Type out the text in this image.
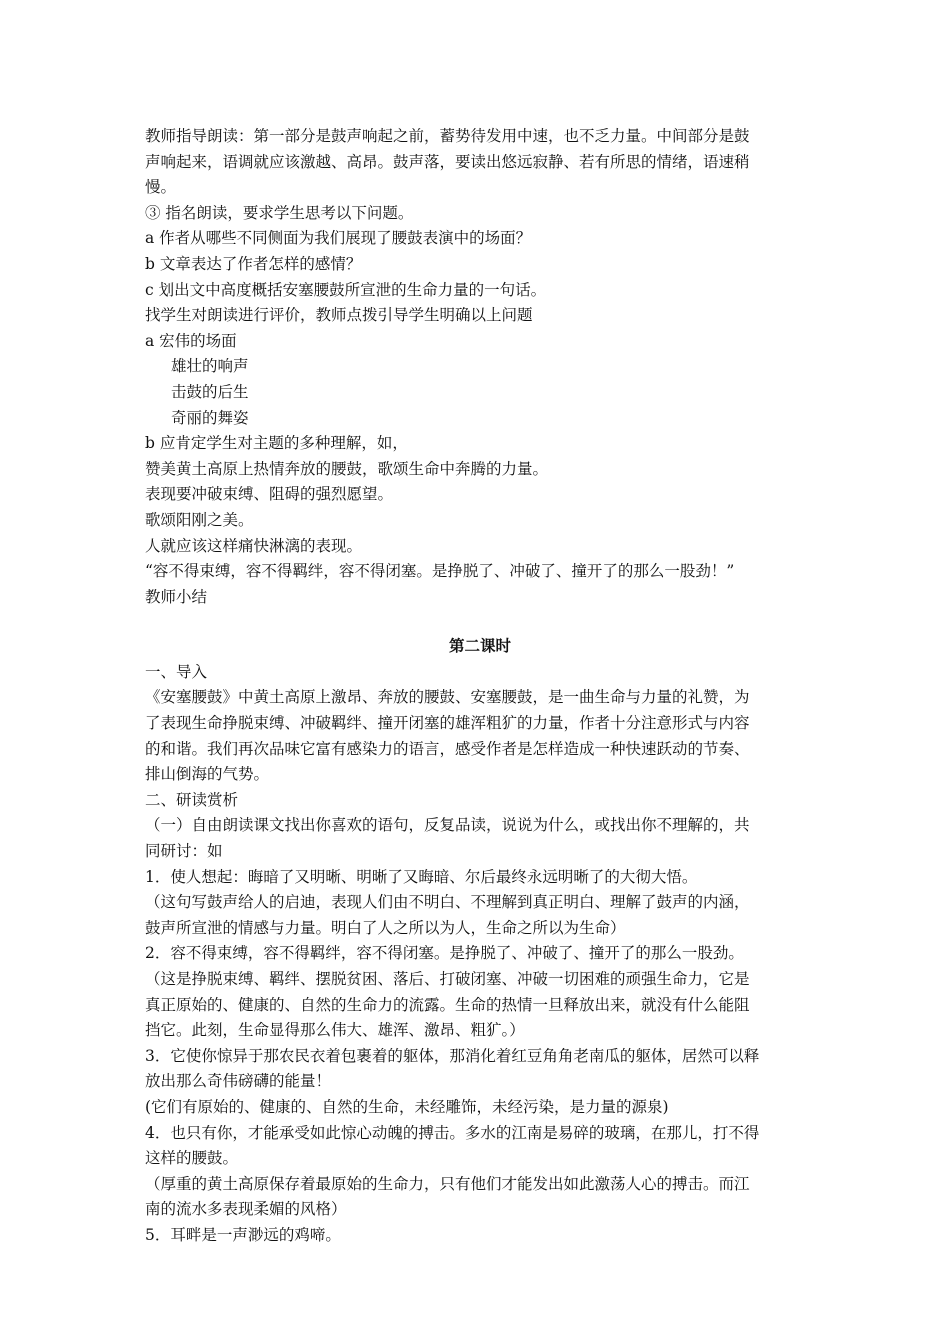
教师指导朗读：第一部分是鼓声响起之前，蓄势待发用中速，也不乏力量。中间部分是鼓

声响起来，语调就应该激越、高昂。鼓声落，要读出悠远寂静、若有所思的情绪，语速稍

慢。

③ 指名朗读，要求学生思考以下问题。

a 作者从哪些不同侧面为我们展现了腰鼓表演中的场面？

b 文章表达了作者怎样的感情？

c 划出文中高度概括安塞腰鼓所宣泄的生命力量的一句话。

找学生对朗读进行评价，教师点拨引导学生明确以上问题

a 宏伟的场面

雄壮的响声

击鼓的后生

奇丽的舞姿

b 应肯定学生对主题的多种理解，如，

赞美黄土高原上热情奔放的腰鼓，歌颂生命中奔腾的力量。

表现要冲破束缚、阻碍的强烈愿望。

歌颂阳刚之美。

人就应该这样痛快淋漓的表现。

“容不得束缚，容不得羁绊，容不得闭塞。是挣脱了、冲破了、撞开了的那么一股劲！”

教师小结

第二课时

一、导入

《安塞腰鼓》中黄土高原上激昂、奔放的腰鼓、安塞腰鼓，是一曲生命与力量的礼赞，为

了表现生命挣脱束缚、冲破羁绊、撞开闭塞的雄浑粗犷的力量，作者十分注意形式与内容

的和谐。我们再次品味它富有感染力的语言，感受作者是怎样造成一种快速跃动的节奏、

排山倒海的气势。

二、研读赏析

（一）自由朗读课文找出你喜欢的语句，反复品读，说说为什么，或找出你不理解的，共

同研讨：如

1．使人想起：晦暗了又明晰、明晰了又晦暗、尔后最终永远明晰了的大彻大悟。

（这句写鼓声给人的启迪，表现人们由不明白、不理解到真正明白、理解了鼓声的内涵，

鼓声所宣泄的情感与力量。明白了人之所以为人，生命之所以为生命）

2．容不得束缚，容不得羁绊，容不得闭塞。是挣脱了、冲破了、撞开了的那么一股劲。

（这是挣脱束缚、羁绊、摆脱贫困、落后、打破闭塞、冲破一切困难的顽强生命力，它是

真正原始的、健康的、自然的生命力的流露。生命的热情一旦释放出来，就没有什么能阻

挡它。此刻，生命显得那么伟大、雄浑、激昂、粗犷。）

3．它使你惊异于那农民衣着包裹着的躯体，那消化着红豆角角老南瓜的躯体，居然可以释

放出那么奇伟磅礴的能量！

(它们有原始的、健康的、自然的生命，未经雕饰，未经污染，是力量的源泉)

4．也只有你，才能承受如此惊心动魄的搏击。多水的江南是易碎的玻璃，在那儿，打不得

这样的腰鼓。

（厚重的黄土高原保存着最原始的生命力，只有他们才能发出如此激荡人心的搏击。而江

南的流水多表现柔媚的风格）

5．耳畔是一声渺远的鸡啼。
